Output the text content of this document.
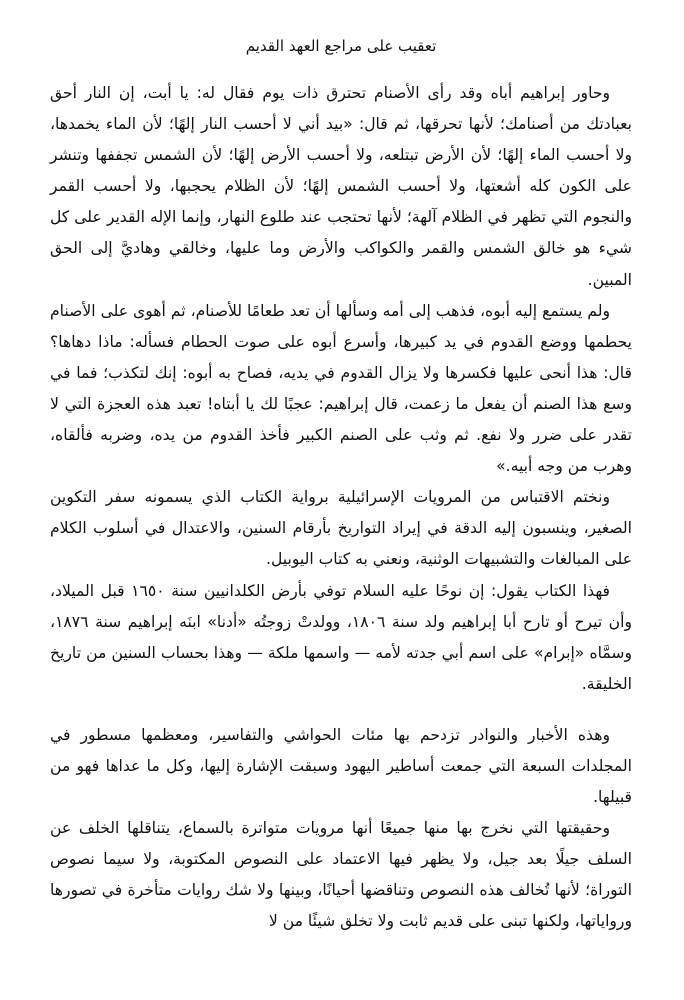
تعقيب على مراجع العهد القديم

وحاور إبراهيم أباه وقد رأى الأصنام تحترق ذات يوم فقال له: يا أبت، إن النار أحق بعبادتك من أصنامك؛ لأنها تحرقها، ثم قال: «بيد أني لا أحسب النار إلهًا؛ لأن الماء يخمدها، ولا أحسب الماء إلهًا؛ لأن الأرض تبتلعه، ولا أحسب الأرض إلهًا؛ لأن الشمس تجففها وتنشر على الكون كله أشعتها، ولا أحسب الشمس إلهًا؛ لأن الظلام يحجبها، ولا أحسب القمر والنجوم التي تظهر في الظلام آلهة؛ لأنها تحتجب عند طلوع النهار، وإنما الإله القدير على كل شيء هو خالق الشمس والقمر والكواكب والأرض وما عليها، وخالقي وهاديَّ إلى الحق المبين.

ولم يستمع إليه أبوه، فذهب إلى أمه وسألها أن تعد طعامًا للأصنام، ثم أهوى على الأصنام يحطمها ووضع القدوم في يد كبيرها، وأسرع أبوه على صوت الحطام فسأله: ماذا دهاها؟ قال: هذا أنحى عليها فكسرها ولا يزال القدوم في يديه، فصاح به أبوه: إنك لتكذب؛ فما في وسع هذا الصنم أن يفعل ما زعمت، قال إبراهيم: عجبًا لك يا أبتاه! تعبد هذه العجزة التي لا تقدر على ضرر ولا نفع. ثم وثب على الصنم الكبير فأخذ القدوم من يده، وضربه فألقاه، وهرب من وجه أبيه.»

ونختم الاقتباس من المرويات الإسرائيلية برواية الكتاب الذي يسمونه سفر التكوين الصغير، وينسبون إليه الدقة في إيراد التواريخ بأرقام السنين، والاعتدال في أسلوب الكلام على المبالغات والتشبيهات الوثنية، ونعني به كتاب اليوبيل.

فهذا الكتاب يقول: إن نوحًا عليه السلام توفي بأرض الكلدانيين سنة ١٦٥٠ قبل الميلاد، وأن تيرح أو تارح أبا إبراهيم ولد سنة ١٨٠٦، وولدتْ زوجتُه «أدنا» ابنَه إبراهيم سنة ١٨٧٦، وسمَّاه «إبرام» على اسم أبي جدته لأمه — واسمها ملكة — وهذا بحساب السنين من تاريخ الخليقة.

وهذه الأخبار والنوادر تزدحم بها مئات الحواشي والتفاسير، ومعظمها مسطور في المجلدات السبعة التي جمعت أساطير اليهود وسبقت الإشارة إليها، وكل ما عداها فهو من قبيلها.

وحقيقتها التي نخرج بها منها جميعًا أنها مرويات متواترة بالسماع، يتناقلها الخلف عن السلف جيلًا بعد جيل، ولا يظهر فيها الاعتماد على النصوص المكتوبة، ولا سيما نصوص التوراة؛ لأنها تُخالف هذه النصوص وتناقضها أحيانًا، وبينها ولا شك روايات متأخرة في تصورها ورواياتها، ولكنها تبنى على قديم ثابت ولا تخلق شيئًا من لا
